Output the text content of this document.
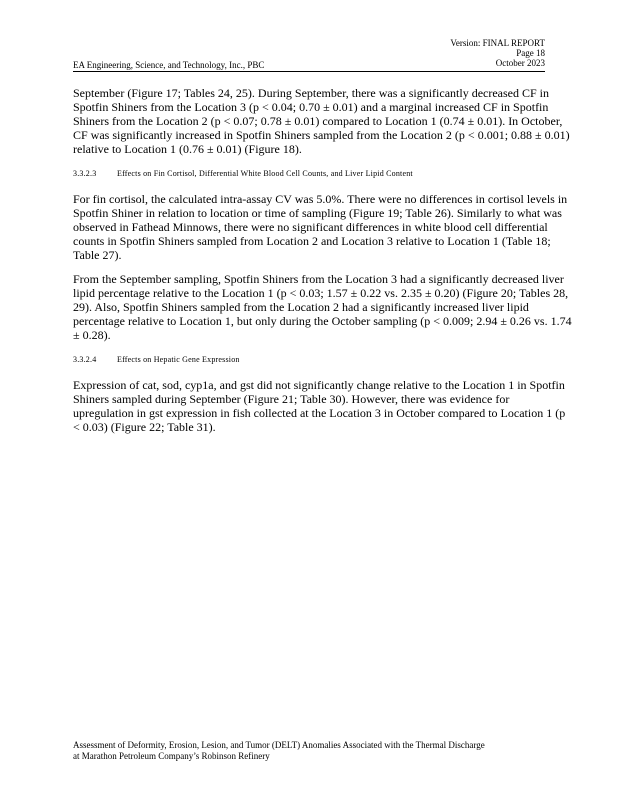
Version: FINAL REPORT
Page 18
October 2023
EA Engineering, Science, and Technology, Inc., PBC

September (Figure 17; Tables 24, 25). During September, there was a significantly decreased CF in Spotfin Shiners from the Location 3 (p < 0.04; 0.70 ± 0.01) and a marginal increased CF in Spotfin Shiners from the Location 2 (p < 0.07; 0.78 ± 0.01) compared to Location 1 (0.74 ± 0.01). In October, CF was significantly increased in Spotfin Shiners sampled from the Location 2 (p < 0.001; 0.88 ± 0.01) relative to Location 1 (0.76 ± 0.01) (Figure 18).

3.3.2.3	Effects on Fin Cortisol, Differential White Blood Cell Counts, and Liver Lipid Content

For fin cortisol, the calculated intra-assay CV was 5.0%. There were no differences in cortisol levels in Spotfin Shiner in relation to location or time of sampling (Figure 19; Table 26). Similarly to what was observed in Fathead Minnows, there were no significant differences in white blood cell differential counts in Spotfin Shiners sampled from Location 2 and Location 3 relative to Location 1 (Table 18; Table 27).

From the September sampling, Spotfin Shiners from the Location 3 had a significantly decreased liver lipid percentage relative to the Location 1 (p < 0.03; 1.57 ± 0.22 vs. 2.35 ± 0.20) (Figure 20; Tables 28, 29). Also, Spotfin Shiners sampled from the Location 2 had a significantly increased liver lipid percentage relative to Location 1, but only during the October sampling (p < 0.009; 2.94 ± 0.26 vs. 1.74 ± 0.28).

3.3.2.4	Effects on Hepatic Gene Expression

Expression of cat, sod, cyp1a, and gst did not significantly change relative to the Location 1 in Spotfin Shiners sampled during September (Figure 21; Table 30). However, there was evidence for upregulation in gst expression in fish collected at the Location 3 in October compared to Location 1 (p < 0.03) (Figure 22; Table 31).

Assessment of Deformity, Erosion, Lesion, and Tumor (DELT) Anomalies Associated with the Thermal Discharge
at Marathon Petroleum Company’s Robinson Refinery
